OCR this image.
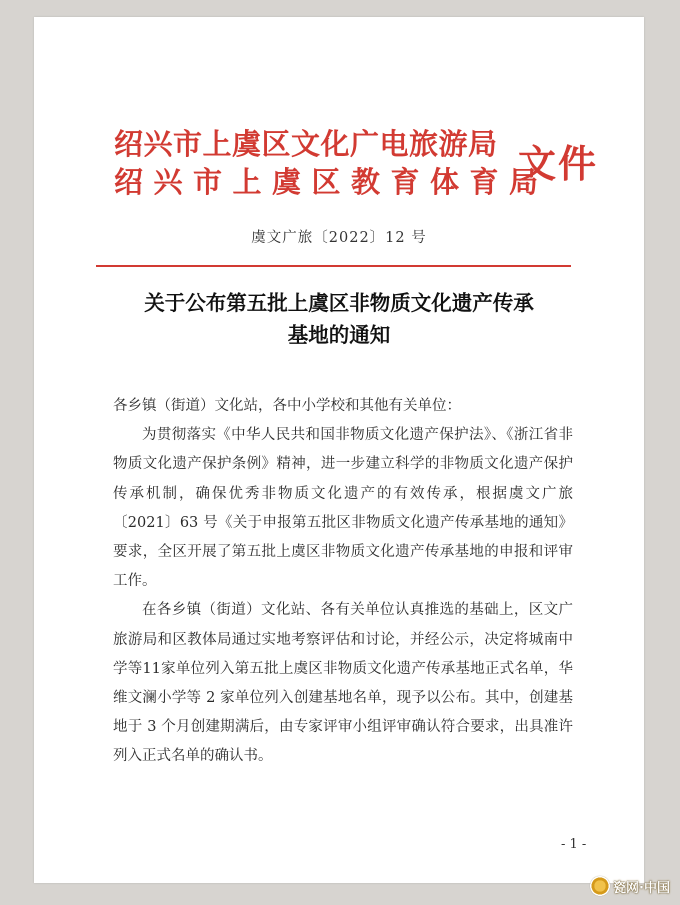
绍兴市上虞区文化广电旅游局
绍兴市上虞区教育体育局
文件
虞文广旅〔2022〕12 号
关于公布第五批上虞区非物质文化遗产传承
基地的通知

各乡镇（街道）文化站，各中小学校和其他有关单位：

为贯彻落实《中华人民共和国非物质文化遗产保护法》、《浙江省非物质文化遗产保护条例》精神，进一步建立科学的非物质文化遗产保护传承机制，确保优秀非物质文化遗产的有效传承，根据虞文广旅〔2021〕63 号《关于申报第五批区非物质文化遗产传承基地的通知》要求，全区开展了第五批上虞区非物质文化遗产传承基地的申报和评审工作。

在各乡镇（街道）文化站、各有关单位认真推选的基础上，区文广旅游局和区教体局通过实地考察评估和讨论，并经公示，决定将城南中学等11家单位列入第五批上虞区非物质文化遗产传承基地正式名单，华维文澜小学等 2 家单位列入创建基地名单，现予以公布。其中，创建基地于 3 个月创建期满后，由专家评审小组评审确认符合要求，出具准许列入正式名单的确认书。

- 1 -
瓷网·中国
